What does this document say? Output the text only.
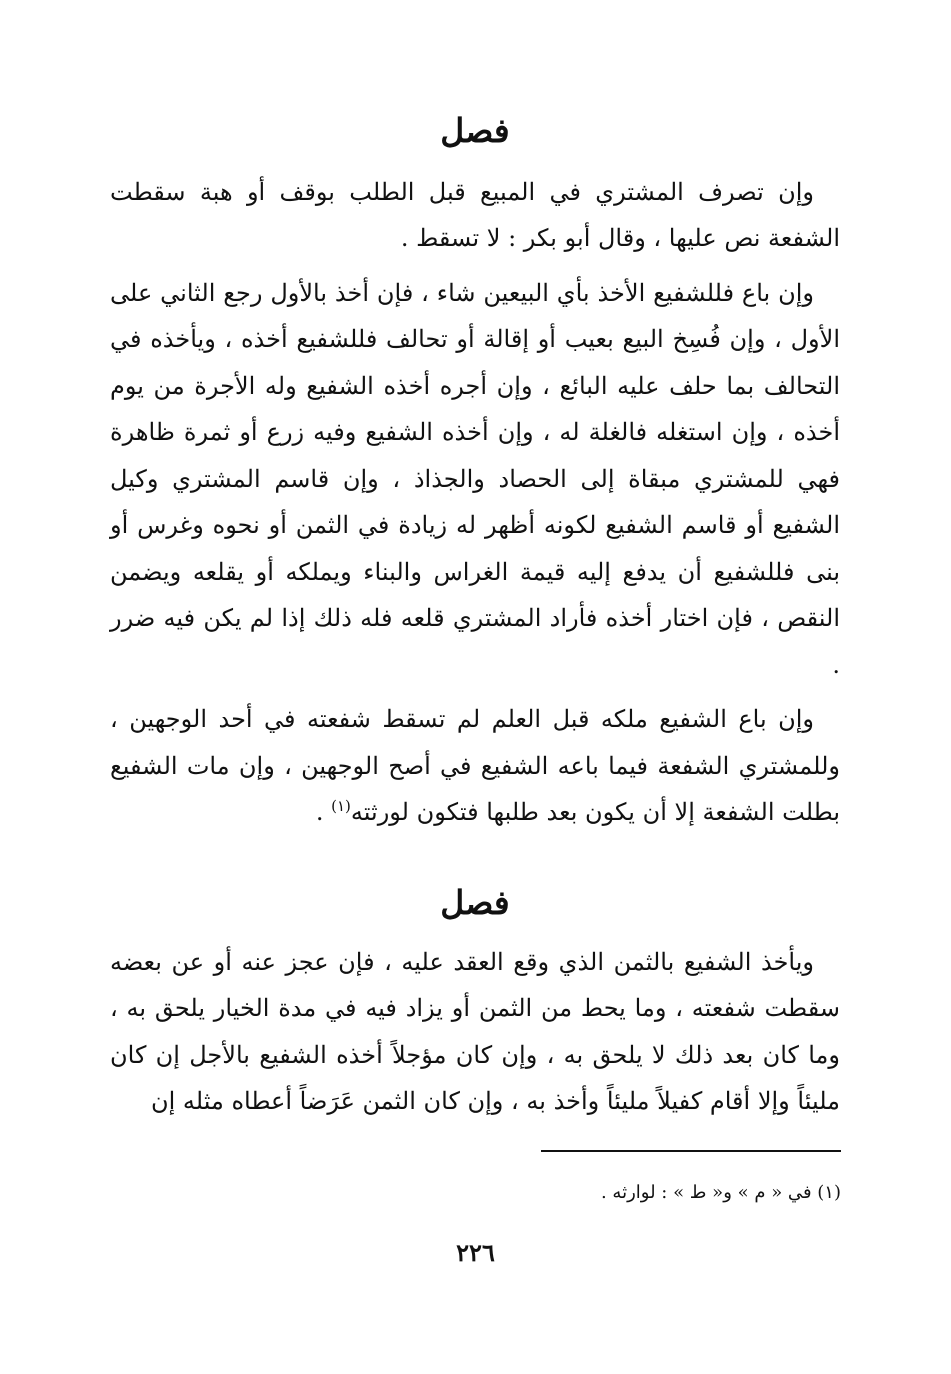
فصل

وإن تصرف المشتري في المبيع قبل الطلب بوقف أو هبة سقطت الشفعة نص عليها ، وقال أبو بكر : لا تسقط .

وإن باع فللشفيع الأخذ بأي البيعين شاء ، فإن أخذ بالأول رجع الثاني على الأول ، وإن فُسِخ البيع بعيب أو إقالة أو تحالف فللشفيع أخذه ، ويأخذه في التحالف بما حلف عليه البائع ، وإن أجره أخذه الشفيع وله الأجرة من يوم أخذه ، وإن استغله فالغلة له ، وإن أخذه الشفيع وفيه زرع أو ثمرة ظاهرة فهي للمشتري مبقاة إلى الحصاد والجذاذ ، وإن قاسم المشتري وكيل الشفيع أو قاسم الشفيع لكونه أظهر له زيادة في الثمن أو نحوه وغرس أو بنى فللشفيع أن يدفع إليه قيمة الغراس والبناء ويملكه أو يقلعه ويضمن النقص ، فإن اختار أخذه فأراد المشتري قلعه فله ذلك إذا لم يكن فيه ضرر .

وإن باع الشفيع ملكه قبل العلم لم تسقط شفعته في أحد الوجهين ، وللمشتري الشفعة فيما باعه الشفيع في أصح الوجهين ، وإن مات الشفيع بطلت الشفعة إلا أن يكون بعد طلبها فتكون لورثته$^{(١)}$ .

فصل

ويأخذ الشفيع بالثمن الذي وقع العقد عليه ، فإن عجز عنه أو عن بعضه سقطت شفعته ، وما يحط من الثمن أو يزاد فيه في مدة الخيار يلحق به ، وما كان بعد ذلك لا يلحق به ، وإن كان مؤجلاً أخذه الشفيع بالأجل إن كان مليئاً وإلا أقام كفيلاً مليئاً وأخذ به ، وإن كان الثمن عَرَضاً أعطاه مثله إن

(١) في « م » و« ط » : لوارثه .
٢٢٦
